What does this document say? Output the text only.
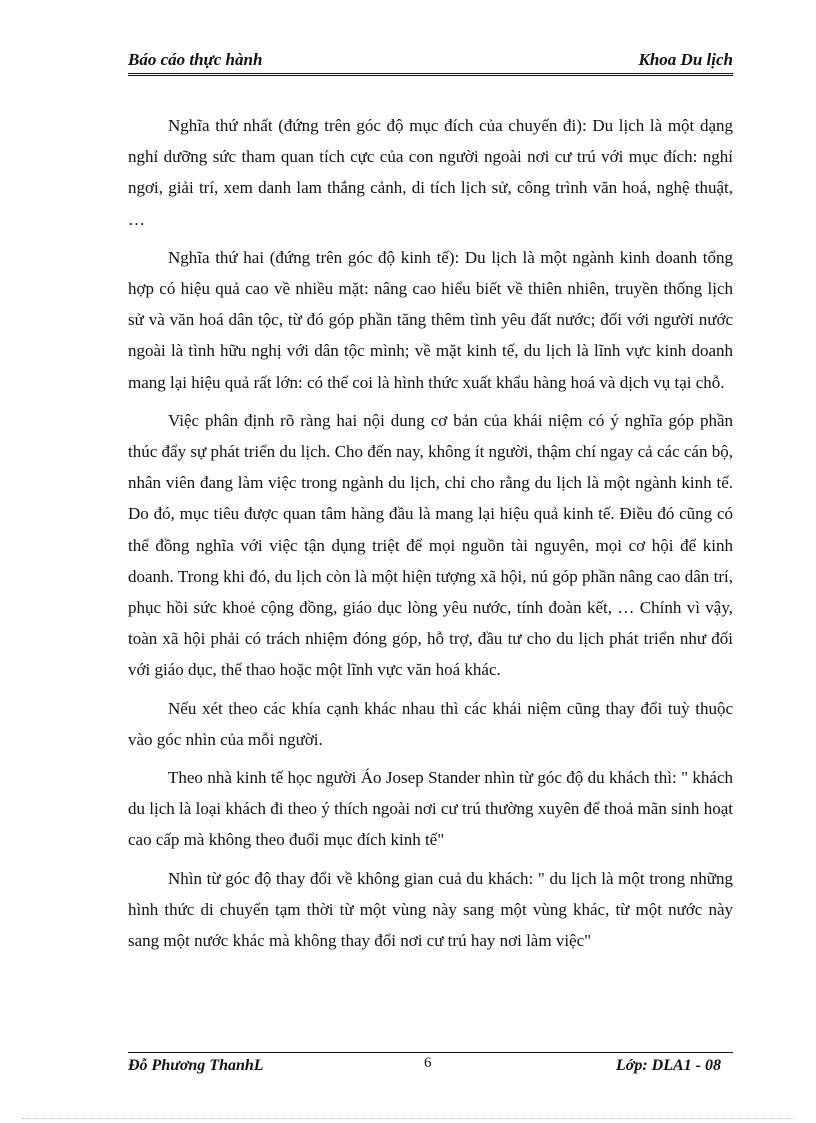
Báo cáo thực hành	Khoa Du lịch

Nghĩa thứ nhất (đứng trên góc độ mục đích của chuyến đi): Du lịch là một dạng nghỉ dưỡng sức tham quan tích cực của con người ngoài nơi cư trú với mục đích: nghỉ ngơi, giải trí, xem danh lam thắng cảnh, di tích lịch sử, công trình văn hoá, nghệ thuật, …

Nghĩa thứ hai (đứng trên góc độ kinh tế): Du lịch là một ngành kinh doanh tổng hợp có hiệu quả cao về nhiều mặt: nâng cao hiểu biết về thiên nhiên, truyền thống lịch sử và văn hoá dân tộc, từ đó góp phần tăng thêm tình yêu đất nước; đối với người nước ngoài là tình hữu nghị với dân tộc mình; về mặt kinh tế, du lịch là lĩnh vực kinh doanh mang lại hiệu quả rất lớn: có thể coi là hình thức xuất khẩu hàng hoá và dịch vụ tại chỗ.

Việc phân định rõ ràng hai nội dung cơ bản của khái niệm có ý nghĩa góp phần thúc đẩy sự phát triển du lịch. Cho đến nay, không ít người, thậm chí ngay cả các cán bộ, nhân viên đang làm việc trong ngành du lịch, chỉ cho rằng du lịch là một ngành kinh tế. Do đó, mục tiêu được quan tâm hàng đầu là mang lại hiệu quả kinh tế. Điều đó cũng có thể đồng nghĩa với việc tận dụng triệt để mọi nguồn tài nguyên, mọi cơ hội để kinh doanh. Trong khi đó, du lịch còn là một hiện tượng xã hội, nú góp phần nâng cao dân trí, phục hồi sức khoẻ cộng đồng, giáo dục lòng yêu nước, tính đoàn kết, … Chính vì vậy, toàn xã hội phải có trách nhiệm đóng góp, hỗ trợ, đầu tư cho du lịch phát triển như đối với giáo dục, thể thao hoặc một lĩnh vực văn hoá khác.

Nếu xét theo các khía cạnh khác nhau thì các khái niệm cũng thay đổi tuỳ thuộc vào góc nhìn của mỗi người.

Theo nhà kinh tế học người Áo Josep Stander nhìn từ góc độ du khách thì: " khách du lịch là loại khách đi theo ý thích ngoài nơi cư trú thường xuyên để thoả mãn sinh hoạt cao cấp mà không theo đuổi mục đích kinh tế"

Nhìn từ góc độ thay đổi về không gian cuả du khách: " du lịch là một trong những hình thức di chuyển tạm thời từ một vùng này sang một vùng khác, từ một nước này sang một nước khác mà không thay đổi nơi cư trú hay nơi làm việc"

Đỗ Phương ThanhL	6	Lớp: DLA1 - 08
